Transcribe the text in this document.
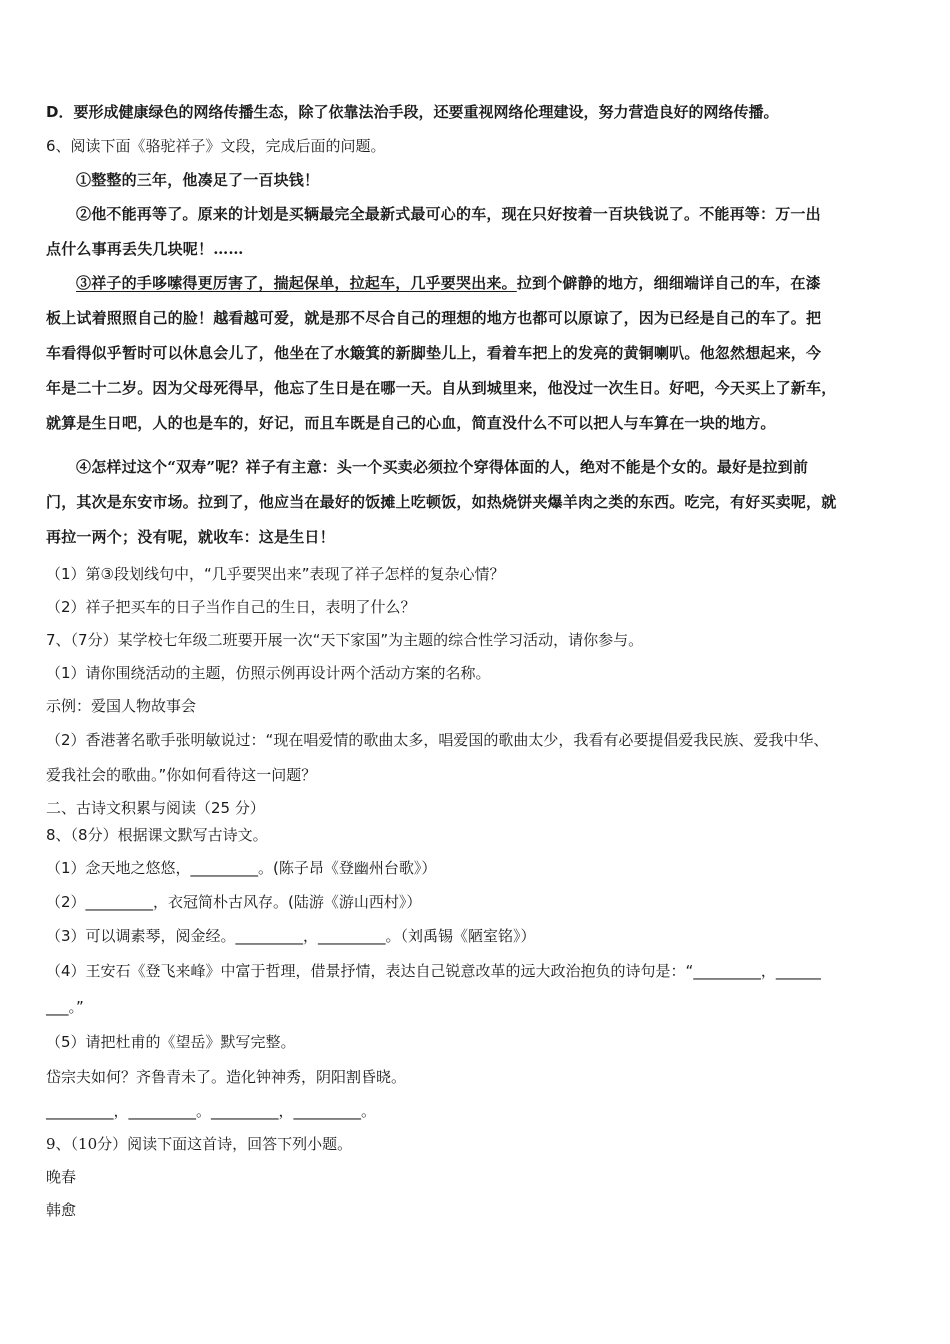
D．要形成健康绿色的网络传播生态，除了依靠法治手段，还要重视网络伦理建设，努力营造良好的网络传播。
6、阅读下面《骆驼祥子》文段，完成后面的问题。
①整整的三年，他凑足了一百块钱！
②他不能再等了。原来的计划是买辆最完全最新式最可心的车，现在只好按着一百块钱说了。不能再等：万一出
点什么事再丢失几块呢！……
③祥子的手哆嗦得更厉害了，揣起保单，拉起车，几乎要哭出来。拉到个僻静的地方，细细端详自己的车，在漆
板上试着照照自己的脸！越看越可爱，就是那不尽合自己的理想的地方也都可以原谅了，因为已经是自己的车了。把
车看得似乎暂时可以休息会儿了，他坐在了水簸箕的新脚垫儿上，看着车把上的发亮的黄铜喇叭。他忽然想起来，今
年是二十二岁。因为父母死得早，他忘了生日是在哪一天。自从到城里来，他没过一次生日。好吧，今天买上了新车，
就算是生日吧，人的也是车的，好记，而且车既是自己的心血，简直没什么不可以把人与车算在一块的地方。
④怎样过这个“双寿”呢？祥子有主意：头一个买卖必须拉个穿得体面的人，绝对不能是个女的。最好是拉到前
门，其次是东安市场。拉到了，他应当在最好的饭摊上吃顿饭，如热烧饼夹爆羊肉之类的东西。吃完，有好买卖呢，就
再拉一两个；没有呢，就收车：这是生日！
（1）第③段划线句中，“几乎要哭出来”表现了祥子怎样的复杂心情？
（2）祥子把买车的日子当作自己的生日，表明了什么？
7、（7分）某学校七年级二班要开展一次“天下家国”为主题的综合性学习活动，请你参与。
（1）请你围绕活动的主题，仿照示例再设计两个活动方案的名称。
示例：爱国人物故事会
（2）香港著名歌手张明敏说过：“现在唱爱情的歌曲太多，唱爱国的歌曲太少，我看有必要提倡爱我民族、爱我中华、
爱我社会的歌曲。”你如何看待这一问题？
二、古诗文积累与阅读（25 分）
8、（8分）根据课文默写古诗文。
（1）念天地之悠悠，_________。(陈子昂《登幽州台歌》）
（2）_________，衣冠简朴古风存。(陆游《游山西村》）
（3）可以调素琴，阅金经。_________，_________。（刘禹锡《陋室铭》）
（4）王安石《登飞来峰》中富于哲理，借景抒情，表达自己锐意改革的远大政治抱负的诗句是：“_________，______
___。”
（5）请把杜甫的《望岳》默写完整。
岱宗夫如何？齐鲁青未了。造化钟神秀，阴阳割昏晓。
_________，_________。_________，_________。
9、（10分）阅读下面这首诗，回答下列小题。
晚春
韩愈
